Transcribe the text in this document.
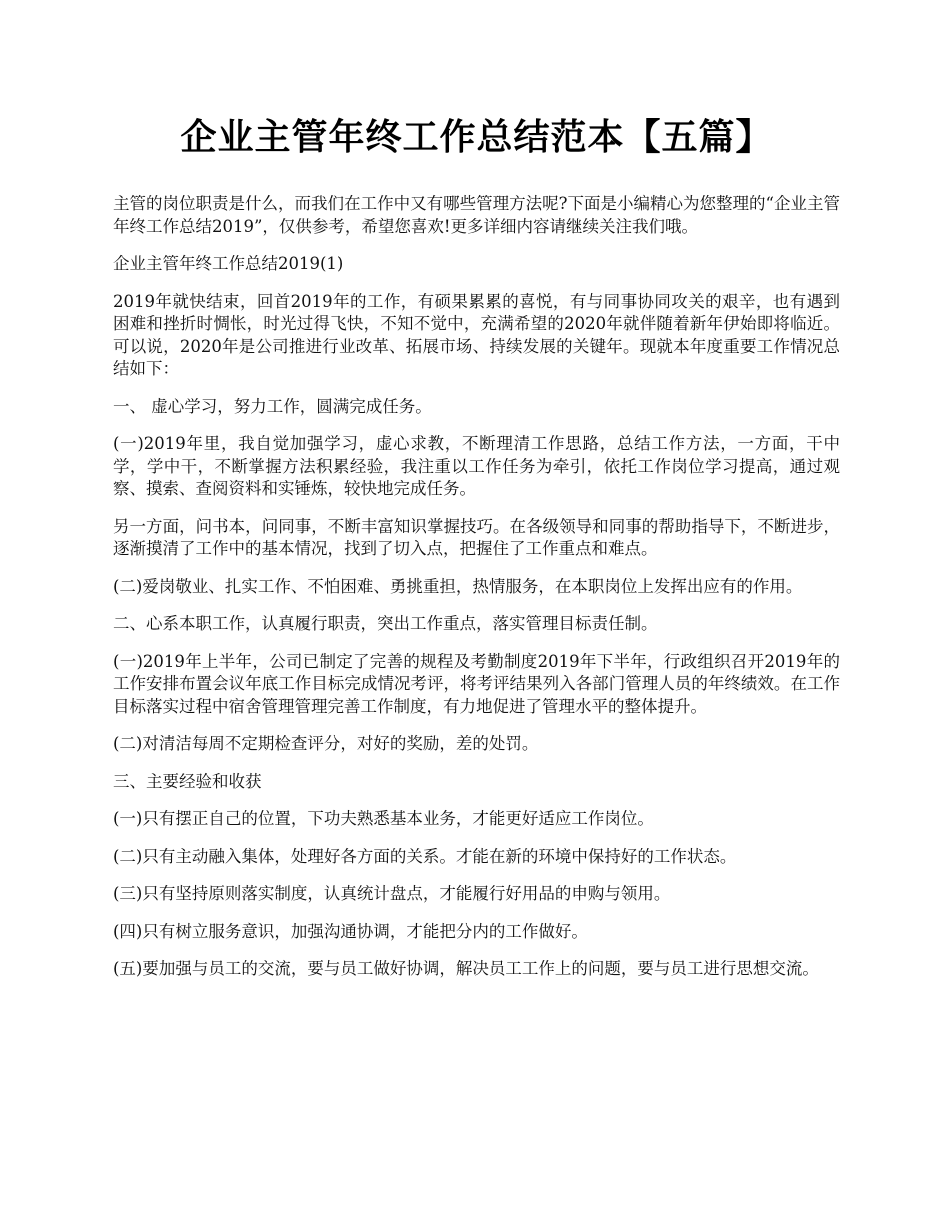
企业主管年终工作总结范本【五篇】

主管的岗位职责是什么，而我们在工作中又有哪些管理方法呢?下面是小编精心为您整理的“企业主管年终工作总结2019”，仅供参考，希望您喜欢!更多详细内容请继续关注我们哦。

企业主管年终工作总结2019(1)

2019年就快结束，回首2019年的工作，有硕果累累的喜悦，有与同事协同攻关的艰辛，也有遇到困难和挫折时惆怅，时光过得飞快，不知不觉中，充满希望的2020年就伴随着新年伊始即将临近。可以说，2020年是公司推进行业改革、拓展市场、持续发展的关键年。现就本年度重要工作情况总结如下：

一、 虚心学习，努力工作，圆满完成任务。

(一)2019年里，我自觉加强学习，虚心求教，不断理清工作思路，总结工作方法，一方面，干中学，学中干，不断掌握方法积累经验，我注重以工作任务为牵引，依托工作岗位学习提高，通过观察、摸索、查阅资料和实锤炼，较快地完成任务。

另一方面，问书本，问同事，不断丰富知识掌握技巧。在各级领导和同事的帮助指导下，不断进步，逐渐摸清了工作中的基本情况，找到了切入点，把握住了工作重点和难点。

(二)爱岗敬业、扎实工作、不怕困难、勇挑重担，热情服务，在本职岗位上发挥出应有的作用。

二、心系本职工作，认真履行职责，突出工作重点，落实管理目标责任制。

(一)2019年上半年，公司已制定了完善的规程及考勤制度2019年下半年，行政组织召开2019年的工作安排布置会议年底工作目标完成情况考评，将考评结果列入各部门管理人员的年终绩效。在工作目标落实过程中宿舍管理管理完善工作制度，有力地促进了管理水平的整体提升。

(二)对清洁每周不定期检查评分，对好的奖励，差的处罚。

三、主要经验和收获

(一)只有摆正自己的位置，下功夫熟悉基本业务，才能更好适应工作岗位。

(二)只有主动融入集体，处理好各方面的关系。才能在新的环境中保持好的工作状态。

(三)只有坚持原则落实制度，认真统计盘点，才能履行好用品的申购与领用。

(四)只有树立服务意识，加强沟通协调，才能把分内的工作做好。

(五)要加强与员工的交流，要与员工做好协调，解决员工工作上的问题，要与员工进行思想交流。
